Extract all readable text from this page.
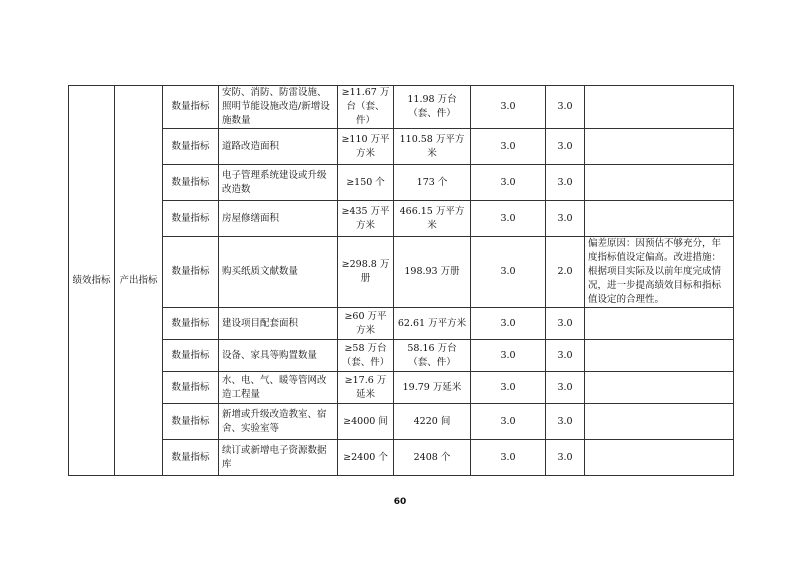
绩效指标	产出指标	数量指标	安防、消防、防雷设施、照明节能设施改造/新增设施数量	≥11.67 万台（套、件）	11.98 万台（套、件）	3.0	3.0	
		数量指标	道路改造面积	≥110 万平方米	110.58 万平方米	3.0	3.0	
		数量指标	电子管理系统建设或升级改造数	≥150 个	173 个	3.0	3.0	
		数量指标	房屋修缮面积	≥435 万平方米	466.15 万平方米	3.0	3.0	
		数量指标	购买纸质文献数量	≥298.8 万册	198.93 万册	3.0	2.0	偏差原因：因预估不够充分，年度指标值设定偏高。改进措施：根据项目实际及以前年度完成情况，进一步提高绩效目标和指标值设定的合理性。
		数量指标	建设项目配套面积	≥60 万平方米	62.61 万平方米	3.0	3.0	
		数量指标	设备、家具等购置数量	≥58 万台（套、件）	58.16 万台（套、件）	3.0	3.0	
		数量指标	水、电、气、暖等管网改造工程量	≥17.6 万延米	19.79 万延米	3.0	3.0	
		数量指标	新增或升级改造教室、宿舍、实验室等	≥4000 间	4220 间	3.0	3.0	
		数量指标	续订或新增电子资源数据库	≥2400 个	2408 个	3.0	3.0	
60
